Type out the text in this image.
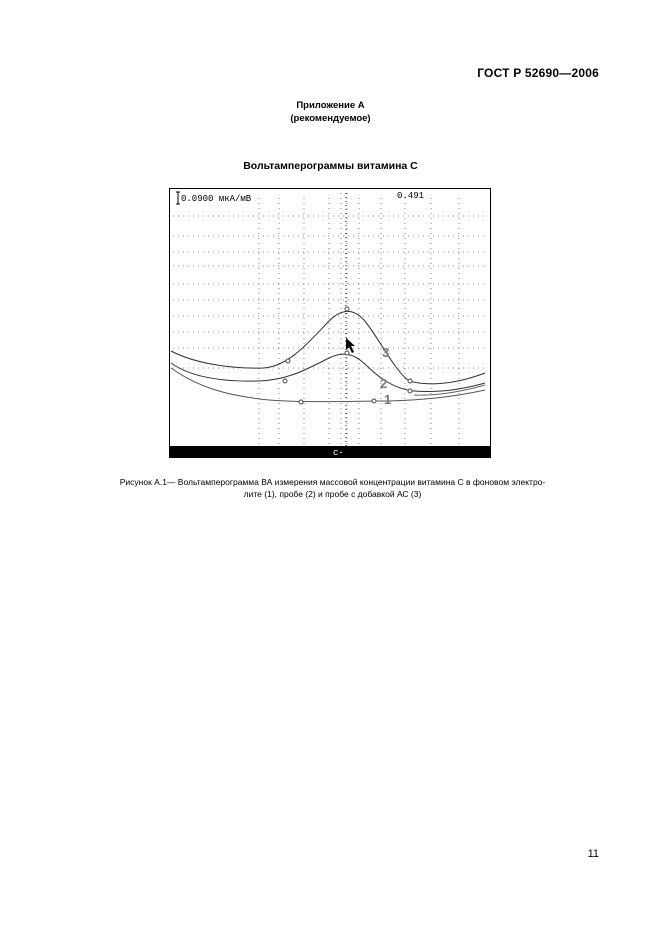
ГОСТ Р 52690—2006
Приложение А
(рекомендуемое)
Вольтамперограммы витамина С
0.0900 мкА/мВ	0.491
3
2
1
с-
Рисунок А.1— Вольтамперограмма ВА измерения массовой концентрации витамина С в фоновом электро-
лите (1), пробе (2) и пробе с добавкой АС (3)
11
